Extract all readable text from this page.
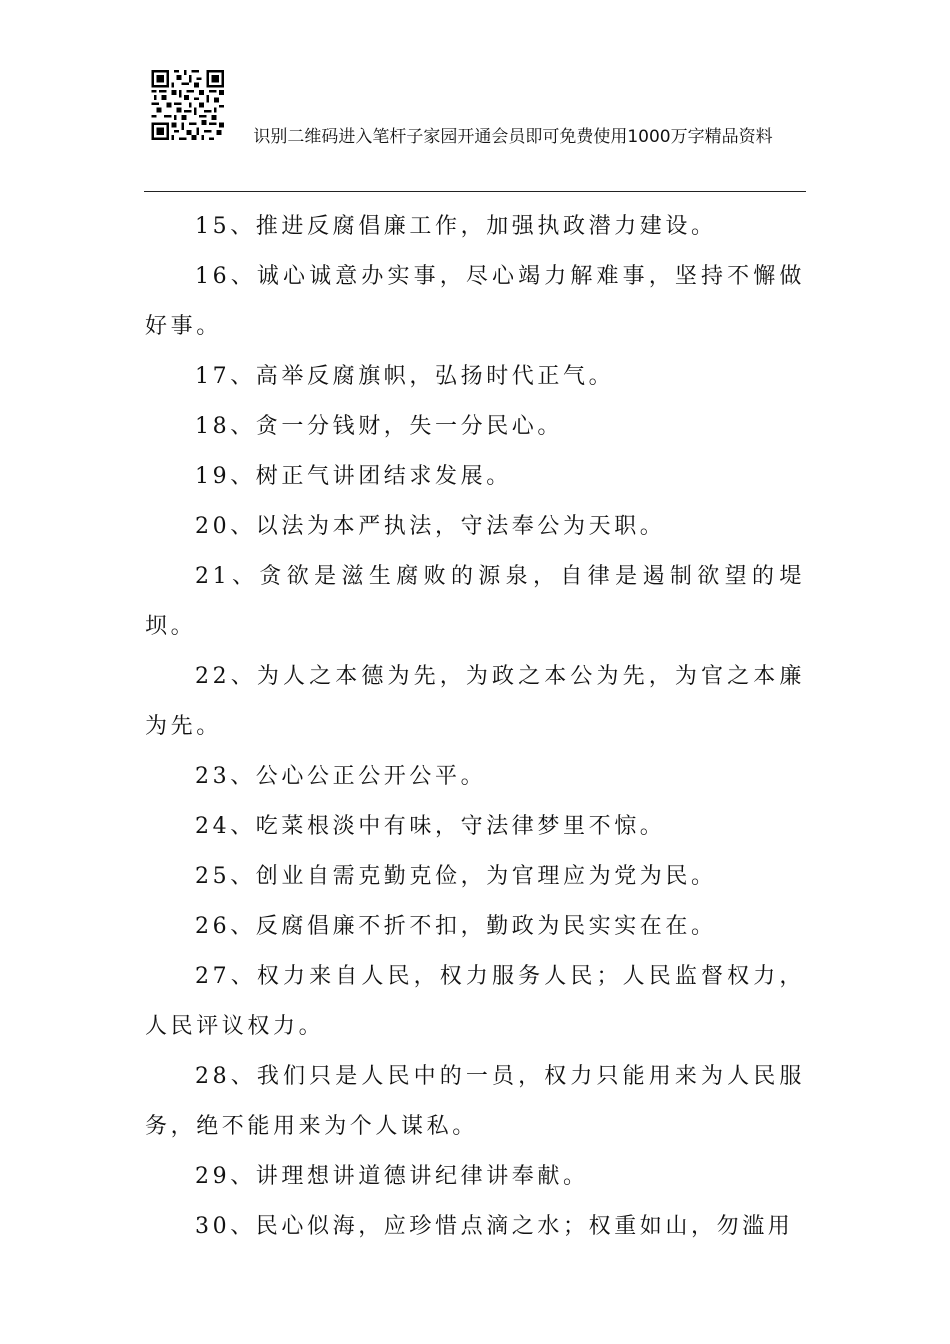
识别二维码进入笔杆子家园开通会员即可免费使用1000万字精品资料

15、推进反腐倡廉工作，加强执政潜力建设。

16、诚心诚意办实事，尽心竭力解难事，坚持不懈做好事。

17、高举反腐旗帜，弘扬时代正气。

18、贪一分钱财，失一分民心。

19、树正气讲团结求发展。

20、以法为本严执法，守法奉公为天职。

21、贪欲是滋生腐败的源泉，自律是遏制欲望的堤坝。

22、为人之本德为先，为政之本公为先，为官之本廉为先。

23、公心公正公开公平。

24、吃菜根淡中有味，守法律梦里不惊。

25、创业自需克勤克俭，为官理应为党为民。

26、反腐倡廉不折不扣，勤政为民实实在在。

27、权力来自人民，权力服务人民；人民监督权力，人民评议权力。

28、我们只是人民中的一员，权力只能用来为人民服务，绝不能用来为个人谋私。

29、讲理想讲道德讲纪律讲奉献。

30、民心似海，应珍惜点滴之水；权重如山，勿滥用
